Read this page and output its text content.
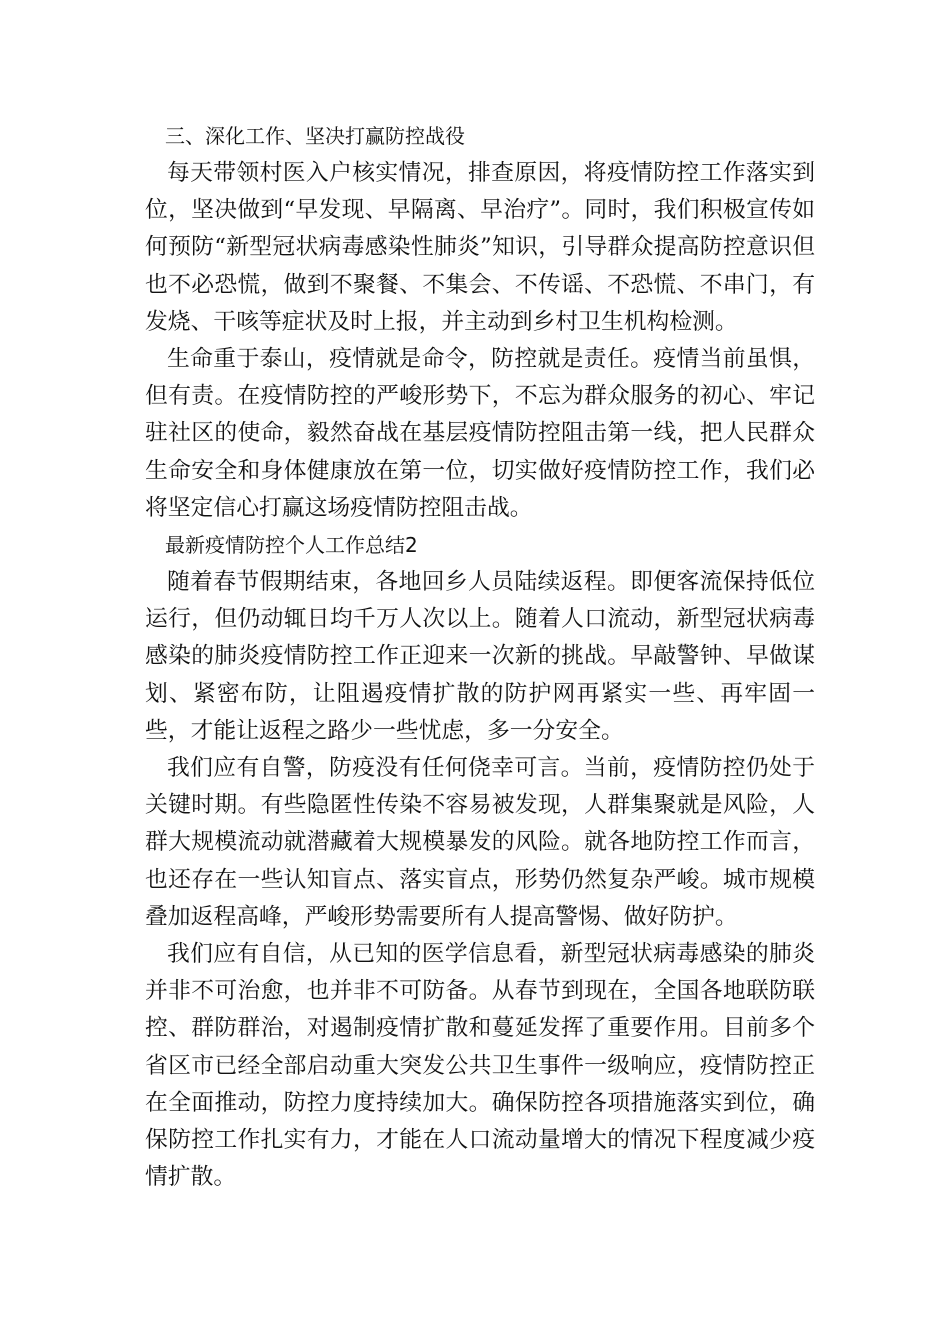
三、深化工作、坚决打赢防控战役

每天带领村医入户核实情况，排查原因，将疫情防控工作落实到位，坚决做到“早发现、早隔离、早治疗”。同时，我们积极宣传如何预防“新型冠状病毒感染性肺炎”知识，引导群众提高防控意识但也不必恐慌，做到不聚餐、不集会、不传谣、不恐慌、不串门，有发烧、干咳等症状及时上报，并主动到乡村卫生机构检测。

生命重于泰山，疫情就是命令，防控就是责任。疫情当前虽惧，但有责。在疫情防控的严峻形势下，不忘为群众服务的初心、牢记驻社区的使命，毅然奋战在基层疫情防控阻击第一线，把人民群众生命安全和身体健康放在第一位，切实做好疫情防控工作，我们必将坚定信心打赢这场疫情防控阻击战。

最新疫情防控个人工作总结2

随着春节假期结束，各地回乡人员陆续返程。即便客流保持低位运行，但仍动辄日均千万人次以上。随着人口流动，新型冠状病毒感染的肺炎疫情防控工作正迎来一次新的挑战。早敲警钟、早做谋划、紧密布防，让阻遏疫情扩散的防护网再紧实一些、再牢固一些，才能让返程之路少一些忧虑，多一分安全。

我们应有自警，防疫没有任何侥幸可言。当前，疫情防控仍处于关键时期。有些隐匿性传染不容易被发现，人群集聚就是风险，人群大规模流动就潜藏着大规模暴发的风险。就各地防控工作而言，也还存在一些认知盲点、落实盲点，形势仍然复杂严峻。城市规模叠加返程高峰，严峻形势需要所有人提高警惕、做好防护。

我们应有自信，从已知的医学信息看，新型冠状病毒感染的肺炎并非不可治愈，也并非不可防备。从春节到现在，全国各地联防联控、群防群治，对遏制疫情扩散和蔓延发挥了重要作用。目前多个省区市已经全部启动重大突发公共卫生事件一级响应，疫情防控正在全面推动，防控力度持续加大。确保防控各项措施落实到位，确保防控工作扎实有力，才能在人口流动量增大的情况下程度减少疫情扩散。
